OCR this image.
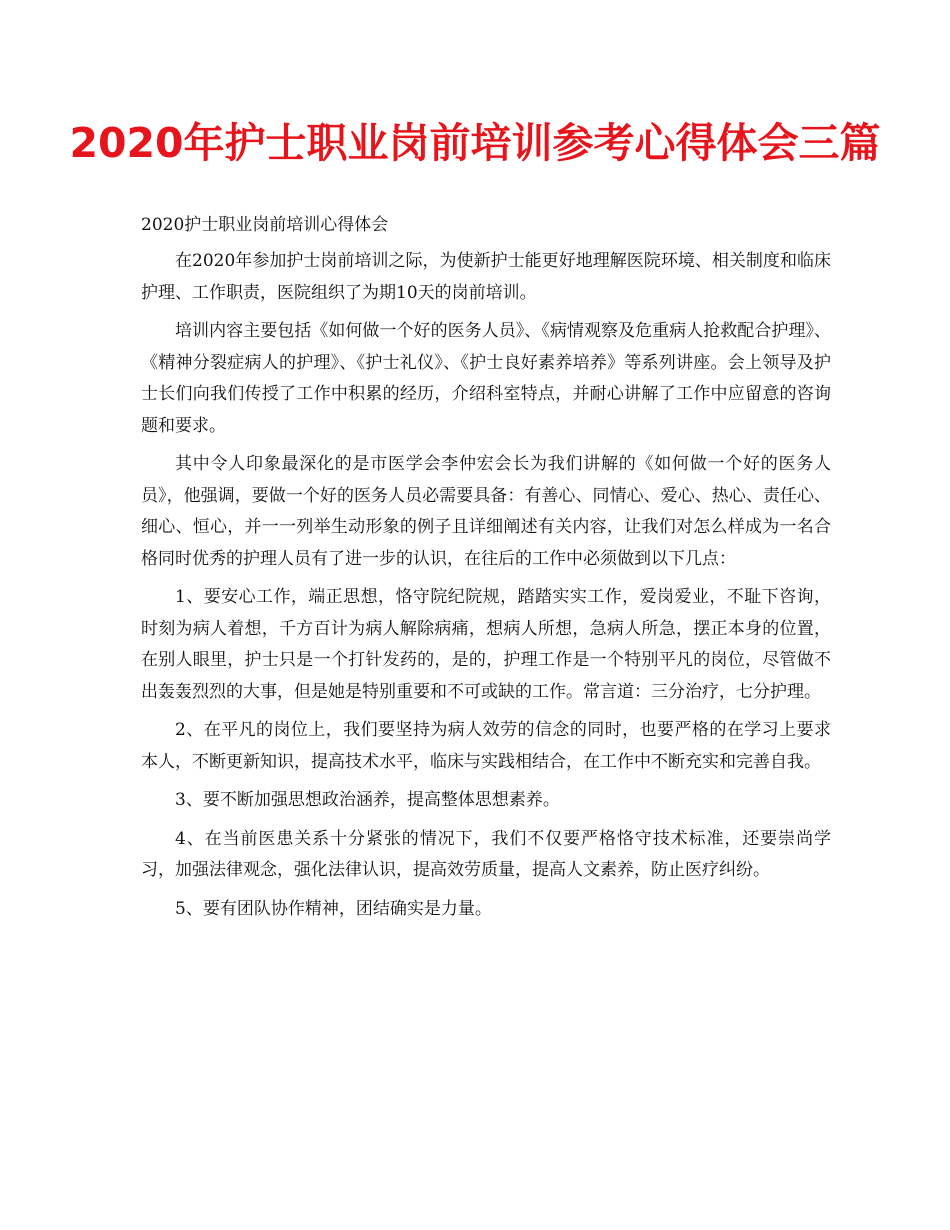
2020年护士职业岗前培训参考心得体会三篇
2020护士职业岗前培训心得体会

在2020年参加护士岗前培训之际，为使新护士能更好地理解医院环境、相关制度和临床护理、工作职责，医院组织了为期10天的岗前培训。

培训内容主要包括《如何做一个好的医务人员》、《病情观察及危重病人抢救配合护理》、《精神分裂症病人的护理》、《护士礼仪》、《护士良好素养培养》等系列讲座。会上领导及护士长们向我们传授了工作中积累的经历，介绍科室特点，并耐心讲解了工作中应留意的咨询题和要求。

其中令人印象最深化的是市医学会李仲宏会长为我们讲解的《如何做一个好的医务人员》，他强调，要做一个好的医务人员必需要具备：有善心、同情心、爱心、热心、责任心、细心、恒心，并一一列举生动形象的例子且详细阐述有关内容，让我们对怎么样成为一名合格同时优秀的护理人员有了进一步的认识，在往后的工作中必须做到以下几点：

1、要安心工作，端正思想，恪守院纪院规，踏踏实实工作，爱岗爱业，不耻下咨询，时刻为病人着想，千方百计为病人解除病痛，想病人所想，急病人所急，摆正本身的位置，在别人眼里，护士只是一个打针发药的，是的，护理工作是一个特别平凡的岗位，尽管做不出轰轰烈烈的大事，但是她是特别重要和不可或缺的工作。常言道：三分治疗，七分护理。

2、在平凡的岗位上，我们要坚持为病人效劳的信念的同时，也要严格的在学习上要求本人，不断更新知识，提高技术水平，临床与实践相结合，在工作中不断充实和完善自我。

3、要不断加强思想政治涵养，提高整体思想素养。

4、在当前医患关系十分紧张的情况下，我们不仅要严格恪守技术标准，还要崇尚学习，加强法律观念，强化法律认识，提高效劳质量，提高人文素养，防止医疗纠纷。

5、要有团队协作精神，团结确实是力量。
